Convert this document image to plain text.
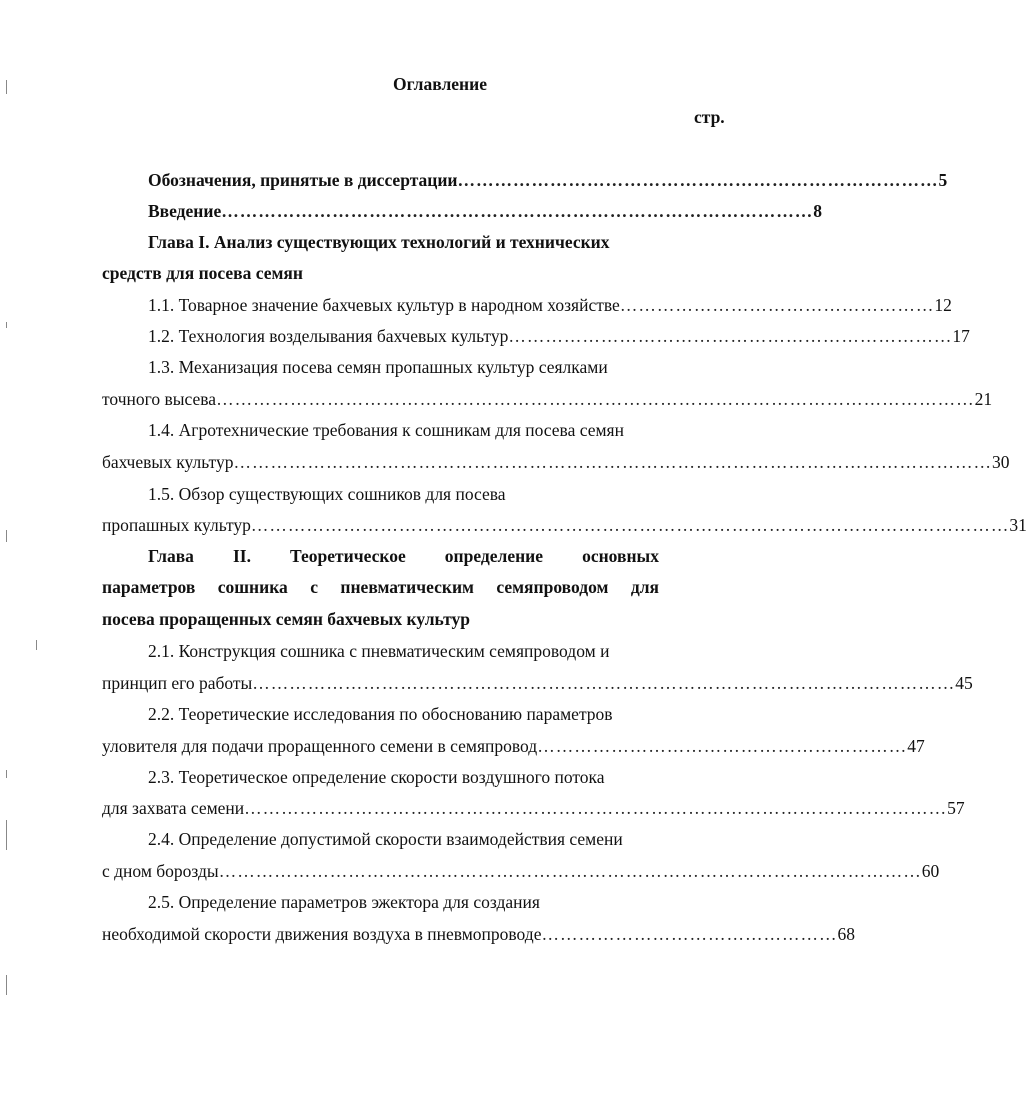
Оглавление
стр.
Обозначения, принятые в диссертации …………………………………………………………………… 5
Введение …………………………………………………………………………………… 8
Глава I. Анализ существующих технологий и технических
средств для посева семян
1.1. Товарное значение бахчевых культур в народном хозяйстве …………………………………………… 12
1.2. Технология возделывания бахчевых культур ……………………………………………………………… 17
1.3. Механизация посева семян пропашных культур сеялками
точного высева …………………………………………………………………………………………………………… 21
1.4. Агротехнические требования к сошникам для посева семян
бахчевых культур …………………………………………………………………………………………………………… 30
1.5. Обзор существующих сошников для посева
пропашных культур …………………………………………………………………………………………………………… 31
Глава II. Теоретическое определение основных
параметров сошника с пневматическим семяпроводом для
посева проращенных семян бахчевых культур
2.1. Конструкция сошника с пневматическим семяпроводом и
принцип его работы …………………………………………………………………………………………………… 45
2.2. Теоретические исследования по обоснованию параметров
уловителя для подачи проращенного семени в семяпровод …………………………………………………… 47
2.3. Теоретическое определение скорости воздушного потока
для захвата семени …………………………………………………………………………………………………… 57
2.4. Определение допустимой скорости взаимодействия семени
с дном борозды …………………………………………………………………………………………………… 60
2.5. Определение параметров эжектора для создания
необходимой скорости движения воздуха в пневмопроводе ………………………………………… 68
